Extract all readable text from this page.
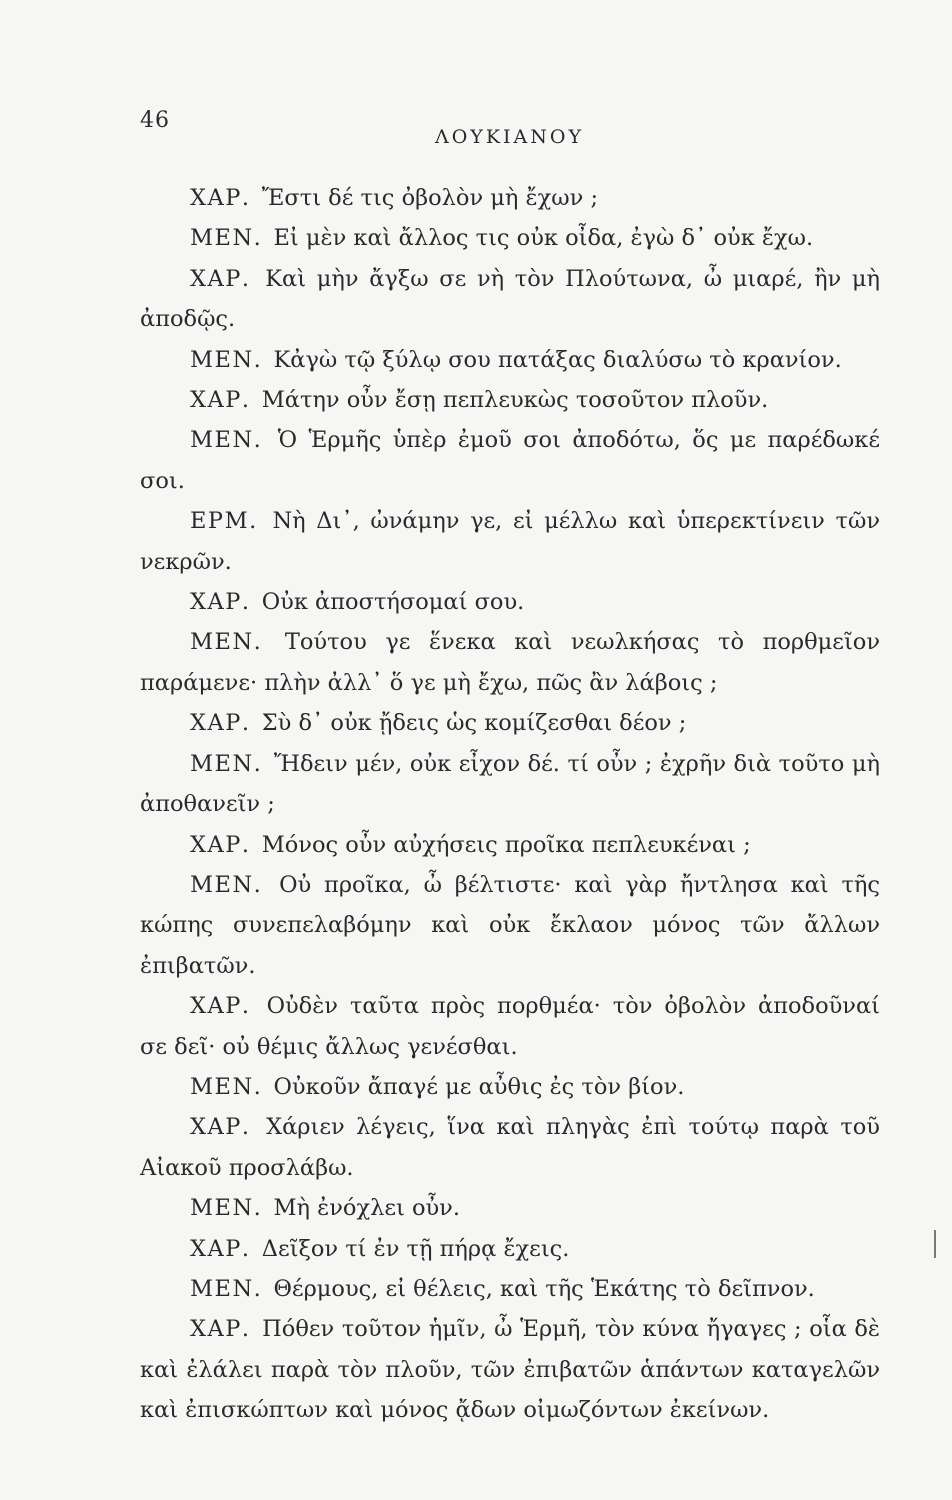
46
ΛΟΥΚΙΑΝΟΥ

ΧΑΡ. Ἔστι δέ τις ὀβολὸν μὴ ἔχων ;

ΜΕΝ. Εἰ μὲν καὶ ἄλλος τις οὐκ οἶδα, ἐγὼ δ᾽ οὐκ ἔχω.

ΧΑΡ. Καὶ μὴν ἄγξω σε νὴ τὸν Πλούτωνα, ὦ μιαρέ, ἢν μὴ ἀποδῷς.

ΜΕΝ. Κἀγὼ τῷ ξύλῳ σου πατάξας διαλύσω τὸ κρανίον.

ΧΑΡ. Μάτην οὖν ἔσῃ πεπλευκὼς τοσοῦτον πλοῦν.

ΜΕΝ. Ὁ Ἑρμῆς ὑπὲρ ἐμοῦ σοι ἀποδότω, ὅς με παρέδωκέ σοι.

ΕΡΜ. Νὴ Δι᾽, ὠνάμην γε, εἰ μέλλω καὶ ὑπερεκτίνειν τῶν νεκρῶν.

ΧΑΡ. Οὐκ ἀποστήσομαί σου.

ΜΕΝ. Τούτου γε ἕνεκα καὶ νεωλκήσας τὸ πορθμεῖον παράμενε· πλὴν ἀλλ᾽ ὅ γε μὴ ἔχω, πῶς ἂν λάβοις ;

ΧΑΡ. Σὺ δ᾽ οὐκ ᾔδεις ὡς κομίζεσθαι δέον ;

ΜΕΝ. Ἤδειν μέν, οὐκ εἶχον δέ. τί οὖν ; ἐχρῆν διὰ τοῦτο μὴ ἀποθανεῖν ;

ΧΑΡ. Μόνος οὖν αὐχήσεις προῖκα πεπλευκέναι ;

ΜΕΝ. Οὐ προῖκα, ὦ βέλτιστε· καὶ γὰρ ἤντλησα καὶ τῆς κώπης συνεπελαβόμην καὶ οὐκ ἔκλαον μόνος τῶν ἄλλων ἐπιβατῶν.

ΧΑΡ. Οὐδὲν ταῦτα πρὸς πορθμέα· τὸν ὀβολὸν ἀποδοῦναί σε δεῖ· οὐ θέμις ἄλλως γενέσθαι.

ΜΕΝ. Οὐκοῦν ἄπαγέ με αὖθις ἐς τὸν βίον.

ΧΑΡ. Χάριεν λέγεις, ἵνα καὶ πληγὰς ἐπὶ τούτῳ παρὰ τοῦ Αἰακοῦ προσλάβω.

ΜΕΝ. Μὴ ἐνόχλει οὖν.

ΧΑΡ. Δεῖξον τί ἐν τῇ πήρᾳ ἔχεις.

ΜΕΝ. Θέρμους, εἰ θέλεις, καὶ τῆς Ἑκάτης τὸ δεῖπνον.

ΧΑΡ. Πόθεν τοῦτον ἡμῖν, ὦ Ἑρμῆ, τὸν κύνα ἤγαγες ; οἷα δὲ καὶ ἐλάλει παρὰ τὸν πλοῦν, τῶν ἐπιβατῶν ἁπάντων καταγελῶν καὶ ἐπισκώπτων καὶ μόνος ᾄδων οἰμωζόντων ἐκείνων.
